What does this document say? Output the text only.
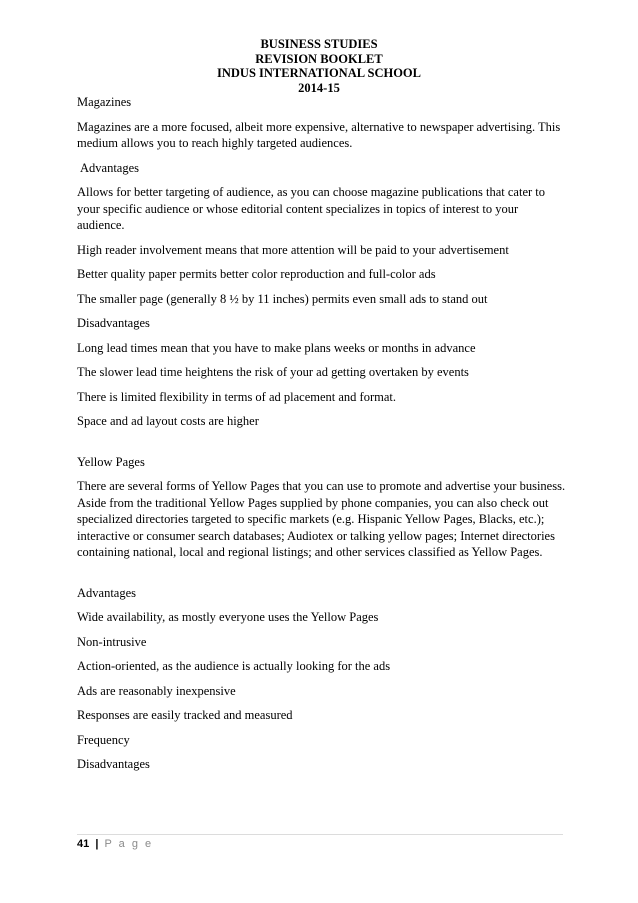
BUSINESS STUDIES
REVISION BOOKLET
INDUS INTERNATIONAL SCHOOL
2014-15

Magazines

Magazines are a more focused, albeit more expensive, alternative to newspaper advertising. This medium allows you to reach highly targeted audiences.

Advantages

Allows for better targeting of audience, as you can choose magazine publications that cater to your specific audience or whose editorial content specializes in topics of interest to your audience.

High reader involvement means that more attention will be paid to your advertisement

Better quality paper permits better color reproduction and full-color ads

The smaller page (generally 8 ½ by 11 inches) permits even small ads to stand out

Disadvantages

Long lead times mean that you have to make plans weeks or months in advance

The slower lead time heightens the risk of your ad getting overtaken by events

There is limited flexibility in terms of ad placement and format.

Space and ad layout costs are higher

Yellow Pages

There are several forms of Yellow Pages that you can use to promote and advertise your business. Aside from the traditional Yellow Pages supplied by phone companies, you can also check out specialized directories targeted to specific markets (e.g. Hispanic Yellow Pages, Blacks, etc.); interactive or consumer search databases; Audiotex or talking yellow pages; Internet directories containing national, local and regional listings; and other services classified as Yellow Pages.

Advantages

Wide availability, as mostly everyone uses the Yellow Pages

Non-intrusive

Action-oriented, as the audience is actually looking for the ads

Ads are reasonably inexpensive

Responses are easily tracked and measured

Frequency

Disadvantages

41 | P a g e
